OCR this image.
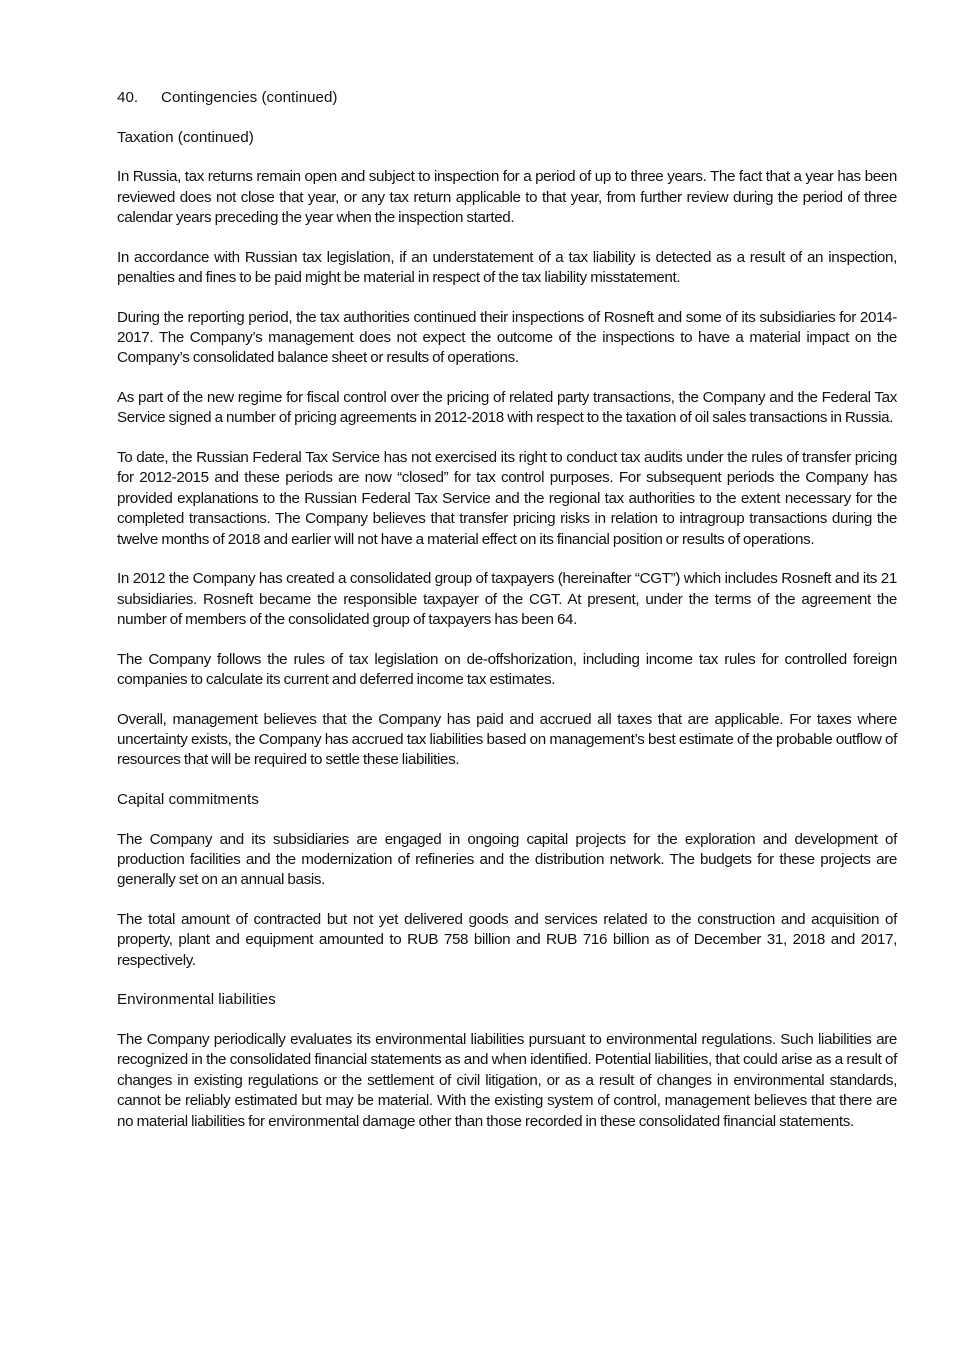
40. Contingencies (continued)
Taxation (continued)

In Russia, tax returns remain open and subject to inspection for a period of up to three years. The fact that a year has been reviewed does not close that year, or any tax return applicable to that year, from further review during the period of three calendar years preceding the year when the inspection started.

In accordance with Russian tax legislation, if an understatement of a tax liability is detected as a result of an inspection, penalties and fines to be paid might be material in respect of the tax liability misstatement.

During the reporting period, the tax authorities continued their inspections of Rosneft and some of its subsidiaries for 2014-2017. The Company’s management does not expect the outcome of the inspections to have a material impact on the Company’s consolidated balance sheet or results of operations.

As part of the new regime for fiscal control over the pricing of related party transactions, the Company and the Federal Tax Service signed a number of pricing agreements in 2012-2018 with respect to the taxation of oil sales transactions in Russia.

To date, the Russian Federal Tax Service has not exercised its right to conduct tax audits under the rules of transfer pricing for 2012-2015 and these periods are now “closed” for tax control purposes. For subsequent periods the Company has provided explanations to the Russian Federal Tax Service and the regional tax authorities to the extent necessary for the completed transactions. The Company believes that transfer pricing risks in relation to intragroup transactions during the twelve months of 2018 and earlier will not have a material effect on its financial position or results of operations.

In 2012 the Company has created a consolidated group of taxpayers (hereinafter “CGT”) which includes Rosneft and its 21 subsidiaries. Rosneft became the responsible taxpayer of the CGT. At present, under the terms of the agreement the number of members of the consolidated group of taxpayers has been 64.

The Company follows the rules of tax legislation on de-offshorization, including income tax rules for controlled foreign companies to calculate its current and deferred income tax estimates.

Overall, management believes that the Company has paid and accrued all taxes that are applicable. For taxes where uncertainty exists, the Company has accrued tax liabilities based on management’s best estimate of the probable outflow of resources that will be required to settle these liabilities.

Capital commitments

The Company and its subsidiaries are engaged in ongoing capital projects for the exploration and development of production facilities and the modernization of refineries and the distribution network. The budgets for these projects are generally set on an annual basis.

The total amount of contracted but not yet delivered goods and services related to the construction and acquisition of property, plant and equipment amounted to RUB 758 billion and RUB 716 billion as of December 31, 2018 and 2017, respectively.

Environmental liabilities

The Company periodically evaluates its environmental liabilities pursuant to environmental regulations. Such liabilities are recognized in the consolidated financial statements as and when identified. Potential liabilities, that could arise as a result of changes in existing regulations or the settlement of civil litigation, or as a result of changes in environmental standards, cannot be reliably estimated but may be material. With the existing system of control, management believes that there are no material liabilities for environmental damage other than those recorded in these consolidated financial statements.
